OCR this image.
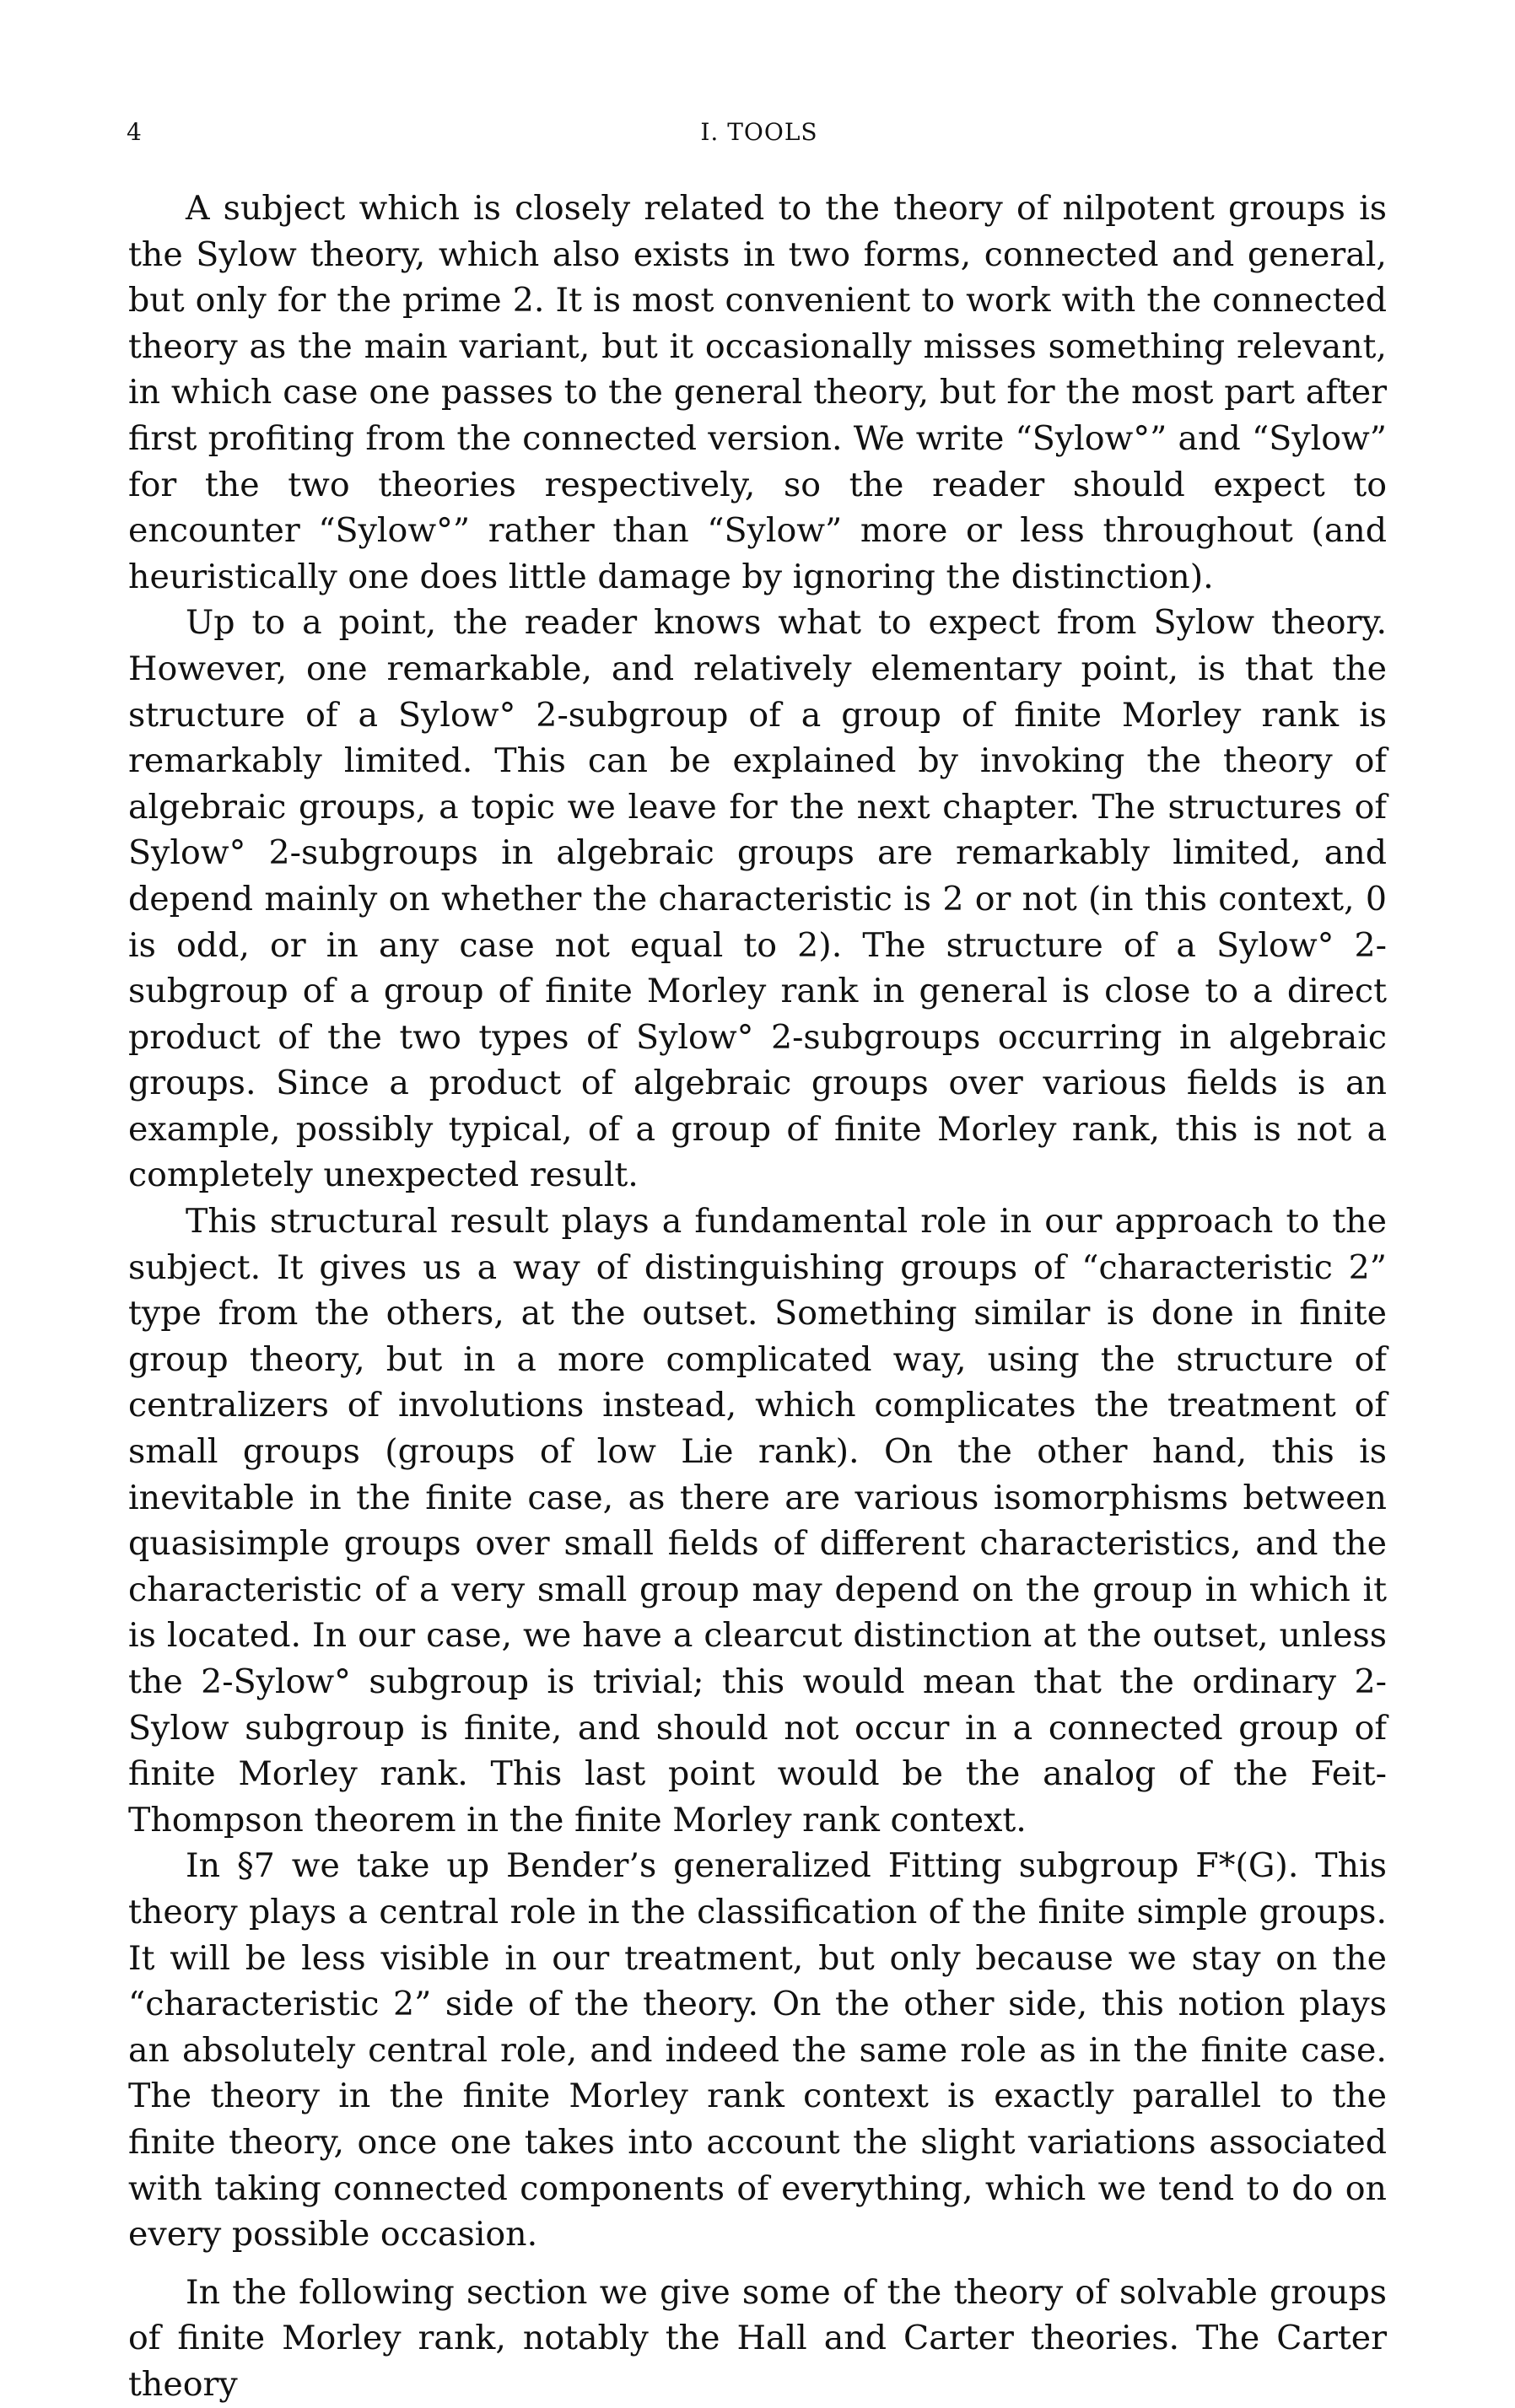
4	I. TOOLS

A subject which is closely related to the theory of nilpotent groups is the Sylow theory, which also exists in two forms, connected and general, but only for the prime 2. It is most convenient to work with the connected theory as the main variant, but it occasionally misses something relevant, in which case one passes to the general theory, but for the most part after first profiting from the connected version. We write “Sylow°” and “Sylow” for the two theories respectively, so the reader should expect to encounter “Sylow°” rather than “Sylow” more or less throughout (and heuristically one does little damage by ignoring the distinction).

Up to a point, the reader knows what to expect from Sylow theory. However, one remarkable, and relatively elementary point, is that the structure of a Sylow° 2-subgroup of a group of finite Morley rank is remarkably limited. This can be explained by invoking the theory of algebraic groups, a topic we leave for the next chapter. The structures of Sylow° 2-subgroups in algebraic groups are remarkably limited, and depend mainly on whether the characteristic is 2 or not (in this context, 0 is odd, or in any case not equal to 2). The structure of a Sylow° 2-subgroup of a group of finite Morley rank in general is close to a direct product of the two types of Sylow° 2-subgroups occurring in algebraic groups. Since a product of algebraic groups over various fields is an example, possibly typical, of a group of finite Morley rank, this is not a completely unexpected result.

This structural result plays a fundamental role in our approach to the subject. It gives us a way of distinguishing groups of “characteristic 2” type from the others, at the outset. Something similar is done in finite group theory, but in a more complicated way, using the structure of centralizers of involutions instead, which complicates the treatment of small groups (groups of low Lie rank). On the other hand, this is inevitable in the finite case, as there are various isomorphisms between quasisimple groups over small fields of different characteristics, and the characteristic of a very small group may depend on the group in which it is located. In our case, we have a clearcut distinction at the outset, unless the 2-Sylow° subgroup is trivial; this would mean that the ordinary 2-Sylow subgroup is finite, and should not occur in a connected group of finite Morley rank. This last point would be the analog of the Feit-Thompson theorem in the finite Morley rank context.

In §7 we take up Bender’s generalized Fitting subgroup F*(G). This theory plays a central role in the classification of the finite simple groups. It will be less visible in our treatment, but only because we stay on the “characteristic 2” side of the theory. On the other side, this notion plays an absolutely central role, and indeed the same role as in the finite case. The theory in the finite Morley rank context is exactly parallel to the finite theory, once one takes into account the slight variations associated with taking connected components of everything, which we tend to do on every possible occasion.

In the following section we give some of the theory of solvable groups of finite Morley rank, notably the Hall and Carter theories. The Carter theory
